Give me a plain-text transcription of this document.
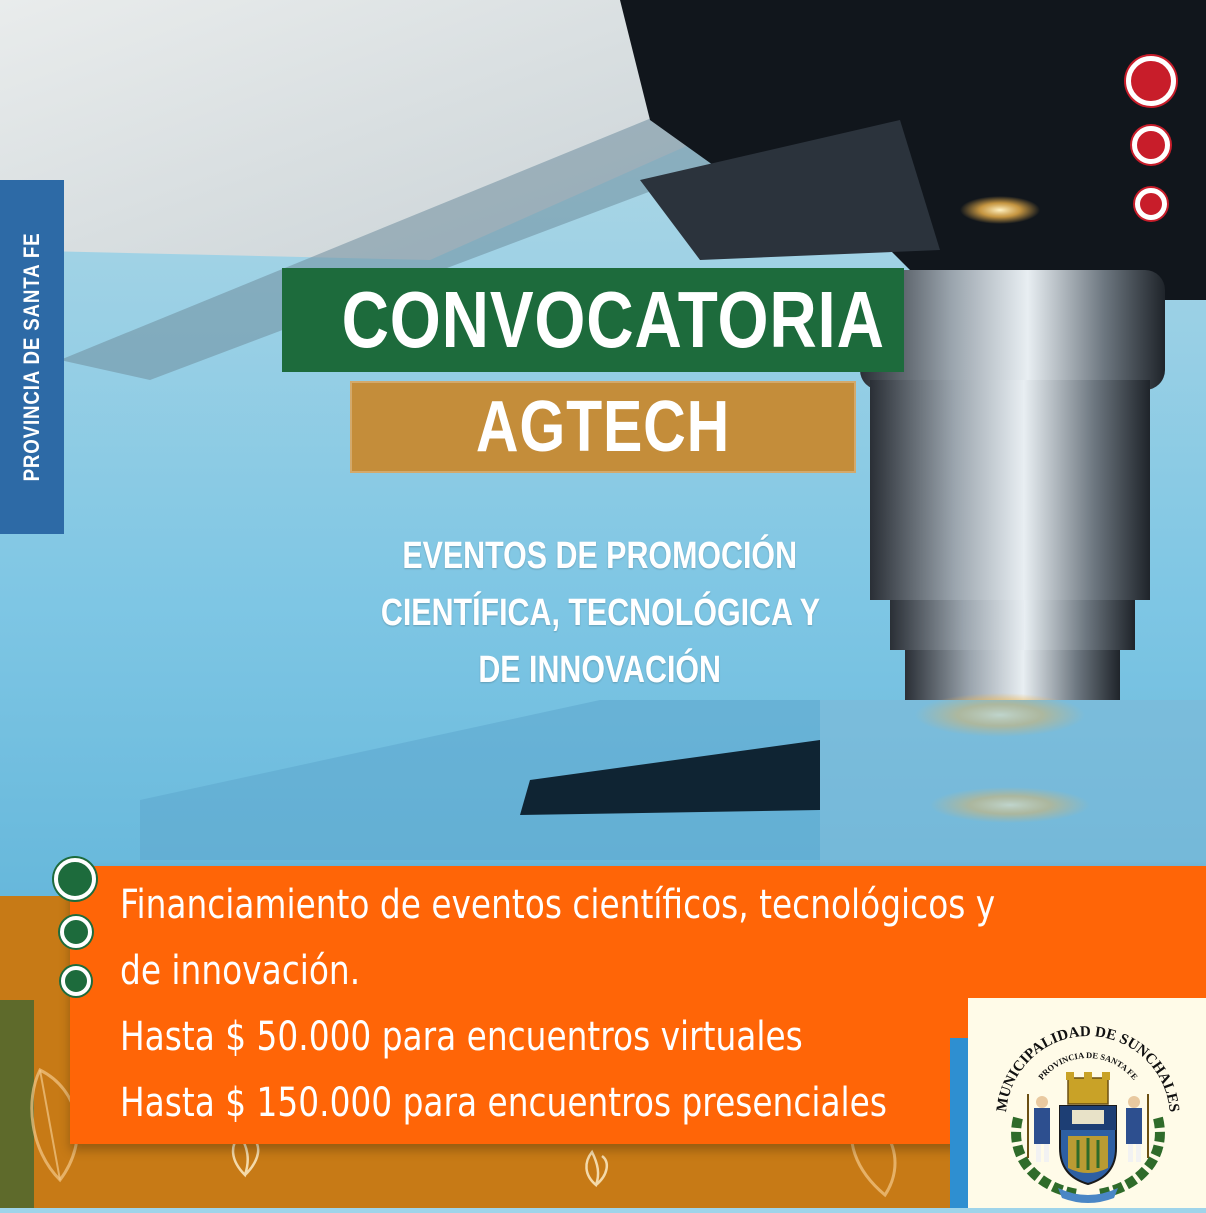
PROVINCIA DE SANTA FE	CONVOCATORIA
AGTECH
EVENTOS DE PROMOCIÓN
CIENTÍFICA, TECNOLÓGICA Y
DE INNOVACIÓN
Financiamiento de eventos científicos, tecnológicos y
de innovación.
Hasta $ 50.000 para encuentros virtuales
Hasta $ 150.000 para encuentros presenciales	MUNICIPALIDAD DE SUNCHALES
PROVINCIA DE SANTA FE
